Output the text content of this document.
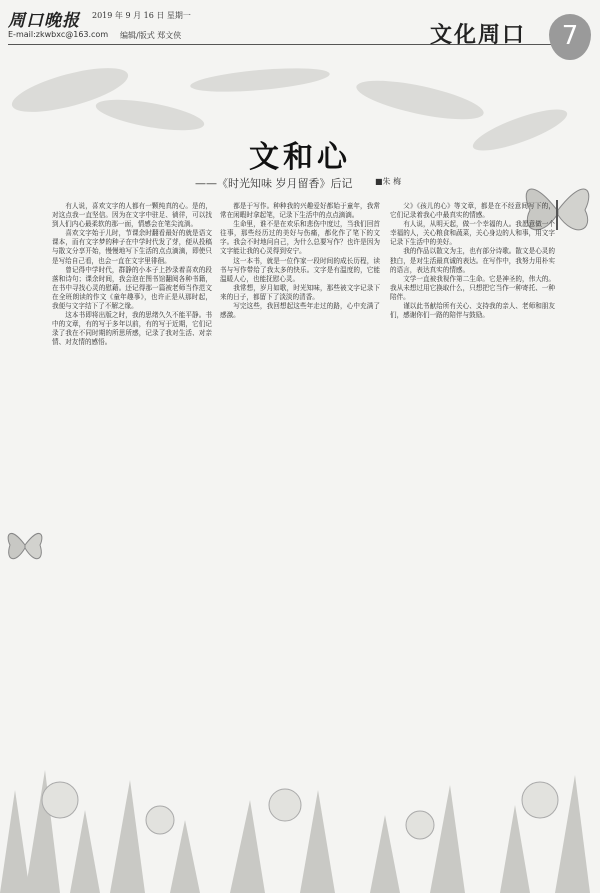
周口晚报 2019 年 9 月 16 日 星期一
E-mail:zkwbxc@163.com 编辑/版式 郑文侠	文化周口	7
文和心
——《时光知味 岁月留香》后记	■朱 梅

有人说，喜欢文字的人都有一颗纯真的心。是的，对这点我一直坚信。因为在文字中驻足、徜徉，可以找到人们内心最柔软的那一面，情感会在笔尖流淌。

喜欢文字始于儿时，节课余时翻看最好的就是语文课本，而有文字梦的种子在中学时代发了芽，便从投稿与散文分享开始，慢慢地写下生活的点点滴滴，即使只是写给自己看，也会一直在文字里徘徊。

曾记得中学时代，群静的小本子上抄录着喜欢的段落和诗句；课余时间，我会泡在图书馆翻阅各种书籍，在书中寻找心灵的慰藉。还记得那一篇被老师当作范文在全班朗读的作文《童年趣事》，也许正是从那时起，我便与文字结下了不解之缘。

这本书即将出版之时，我的思绪久久不能平静。书中的文章，有的写于多年以前，有的写于近期，它们记录了我在不同时期的所思所感，记录了我对生活、对亲情、对友情的感悟。

都是于写作。种种我的兴趣爱好都始于童年，我常常在闲暇时拿起笔，记录下生活中的点点滴滴。

生命里，谁不是在欢乐和悲伤中度过，当我们回首往事，那些经历过的美好与伤痛，都化作了笔下的文字。我会不时地问自己，为什么总要写作？也许是因为文字能让我的心灵得到安宁。

这一本书，就是一位作家一段时间的成长历程，读书与写作带给了我太多的快乐。文字是有温度的，它能温暖人心，也能抚慰心灵。

我常想，岁月如歌，时光知味，那些被文字记录下来的日子，都留下了淡淡的清香。

写完这些，我回想起这些年走过的路，心中充满了感激。

父》《孩儿的心》等文章，都是在不经意间写下的，它们记录着我心中最真实的情感。

有人说，从明天起，做一个幸福的人。我愿意做一个幸福的人，关心粮食和蔬菜，关心身边的人和事，用文字记录下生活中的美好。

我的作品以散文为主，也有部分诗歌。散文是心灵的独白，是对生活最真诚的表达。在写作中，我努力用朴实的语言，表达真实的情感。

文学一直被我视作第二生命。它是神圣的，伟大的。我从未想过用它换取什么，只想把它当作一种寄托、一种陪伴。

谨以此书献给所有关心、支持我的亲人、老师和朋友们，感谢你们一路的陪伴与鼓励。
